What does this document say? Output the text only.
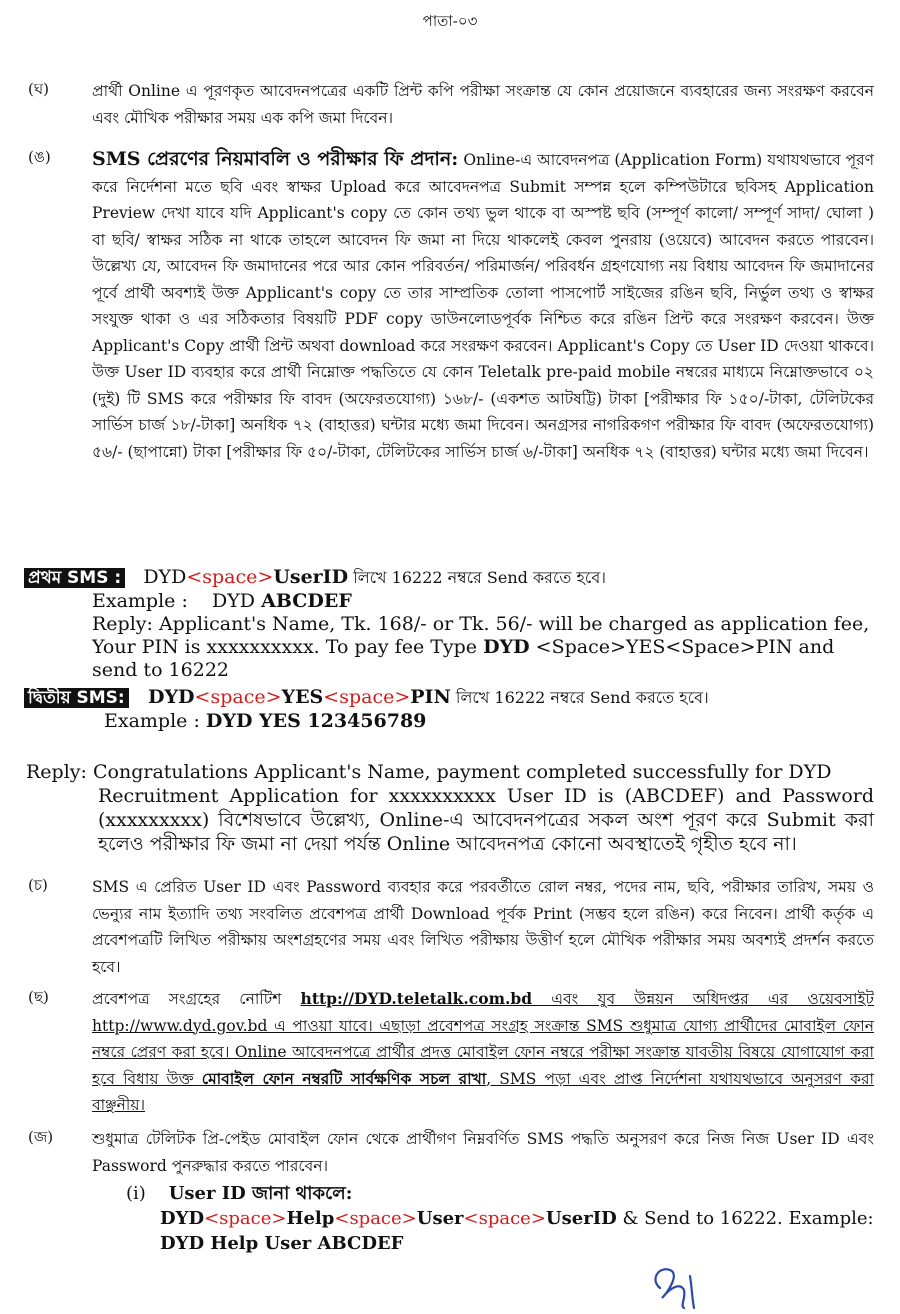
পাতা-০৩
(ঘ)	প্রার্থী Online এ পূরণকৃত আবেদনপত্রের একটি প্রিন্ট কপি পরীক্ষা সংক্রান্ত যে কোন প্রয়োজনে ব্যবহারের জন্য সংরক্ষণ করবেন এবং মৌখিক পরীক্ষার সময় এক কপি জমা দিবেন।
(ঙ) SMS প্রেরণের নিয়মাবলি ও পরীক্ষার ফি প্রদান: Online-এ আবেদনপত্র (Application Form) যথাযথভাবে পূরণ করে নির্দেশনা মতে ছবি এবং স্বাক্ষর Upload করে আবেদনপত্র Submit সম্পন্ন হলে কম্পিউটারে ছবিসহ Application Preview দেখা যাবে যদি Applicant's copy তে কোন তথ্য ভুল থাকে বা অস্পষ্ট ছবি (সম্পূর্ণ কালো/ সম্পূর্ণ সাদা/ ঘোলা ) বা ছবি/ স্বাক্ষর সঠিক না থাকে তাহলে আবেদন ফি জমা না দিয়ে থাকলেই কেবল পুনরায় (ওয়েবে) আবেদন করতে পারবেন। উল্লেখ্য যে, আবেদন ফি জমাদানের পরে আর কোন পরিবর্তন/ পরিমার্জন/ পরিবর্ধন গ্রহণযোগ্য নয় বিধায় আবেদন ফি জমাদানের পূর্বে প্রার্থী অবশ্যই উক্ত Applicant's copy তে তার সাম্প্রতিক তোলা পাসপোর্ট সাইজের রঙিন ছবি, নির্ভুল তথ্য ও স্বাক্ষর সংযুক্ত থাকা ও এর সঠিকতার বিষয়টি PDF copy ডাউনলোডপূর্বক নিশ্চিত করে রঙিন প্রিন্ট করে সংরক্ষণ করবেন। উক্ত Applicant's Copy প্রার্থী প্রিন্ট অথবা download করে সংরক্ষণ করবেন। Applicant's Copy তে User ID দেওয়া থাকবে। উক্ত User ID ব্যবহার করে প্রার্থী নিম্নোক্ত পদ্ধতিতে যে কোন Teletalk pre-paid mobile নম্বরের মাধ্যমে নিম্নোক্তভাবে ০২ (দুই) টি SMS করে পরীক্ষার ফি বাবদ (অফেরতযোগ্য) ১৬৮/- (একশত আটষট্টি) টাকা [পরীক্ষার ফি ১৫০/-টাকা, টেলিটকের সার্ভিস চার্জ ১৮/-টাকা] অনধিক ৭২ (বাহাত্তর) ঘন্টার মধ্যে জমা দিবেন। অনগ্রসর নাগরিকগণ পরীক্ষার ফি বাবদ (অফেরতযোগ্য) ৫৬/- (ছাপান্নো) টাকা [পরীক্ষার ফি ৫০/-টাকা, টেলিটকের সার্ভিস চার্জ ৬/-টাকা] অনধিক ৭২ (বাহাত্তর) ঘন্টার মধ্যে জমা দিবেন।
প্রথম SMS : DYD<space>UserID লিখে 16222 নম্বরে Send করতে হবে।
Example : DYD ABCDEF
Reply: Applicant's Name, Tk. 168/- or Tk. 56/- will be charged as application fee, Your PIN is xxxxxxxxxx. To pay fee Type DYD <Space>YES<Space>PIN and send to 16222
দ্বিতীয় SMS: DYD<space>YES<space>PIN লিখে 16222 নম্বরে Send করতে হবে।
Example : DYD YES 123456789
Reply: Congratulations Applicant's Name, payment completed successfully for DYD
Recruitment Application for xxxxxxxxxx User ID is (ABCDEF) and Password (xxxxxxxxx) বিশেষভাবে উল্লেখ্য, Online-এ আবেদনপত্রের সকল অংশ পূরণ করে Submit করা হলেও পরীক্ষার ফি জমা না দেয়া পর্যন্ত Online আবেদনপত্র কোনো অবস্থাতেই গৃহীত হবে না।
(চ)	SMS এ প্রেরিত User ID এবং Password ব্যবহার করে পরবর্তীতে রোল নম্বর, পদের নাম, ছবি, পরীক্ষার তারিখ, সময় ও ভেন্যুর নাম ইত্যাদি তথ্য সংবলিত প্রবেশপত্র প্রার্থী Download পূর্বক Print (সম্ভব হলে রঙিন) করে নিবেন। প্রার্থী কর্তৃক এ প্রবেশপত্রটি লিখিত পরীক্ষায় অংশগ্রহণের সময় এবং লিখিত পরীক্ষায় উত্তীর্ণ হলে মৌখিক পরীক্ষার সময় অবশ্যই প্রদর্শন করতে হবে।
(ছ)	প্রবেশপত্র সংগ্রহের নোটিশ http://DYD.teletalk.com.bd এবং যুব উন্নয়ন অধিদপ্তর এর ওয়েবসাইট http://www.dyd.gov.bd এ পাওয়া যাবে। এছাড়া প্রবেশপত্র সংগ্রহ সংক্রান্ত SMS শুধুমাত্র যোগ্য প্রার্থীদের মোবাইল ফোন নম্বরে প্রেরণ করা হবে। Online আবেদনপত্রে প্রার্থীর প্রদত্ত মোবাইল ফোন নম্বরে পরীক্ষা সংক্রান্ত যাবতীয় বিষয়ে যোগাযোগ করা হবে বিধায় উক্ত মোবাইল ফোন নম্বরটি সার্বক্ষণিক সচল রাখা, SMS পড়া এবং প্রাপ্ত নির্দেশনা যথাযথভাবে অনুসরণ করা বাঞ্ছনীয়।
(জ)	শুধুমাত্র টেলিটক প্রি-পেইড মোবাইল ফোন থেকে প্রার্থীগণ নিম্নবর্ণিত SMS পদ্ধতি অনুসরণ করে নিজ নিজ User ID এবং Password পুনরুদ্ধার করতে পারবেন।
(i) User ID জানা থাকলে:
DYD<space>Help<space>User<space>UserID & Send to 16222. Example:
DYD Help User ABCDEF
